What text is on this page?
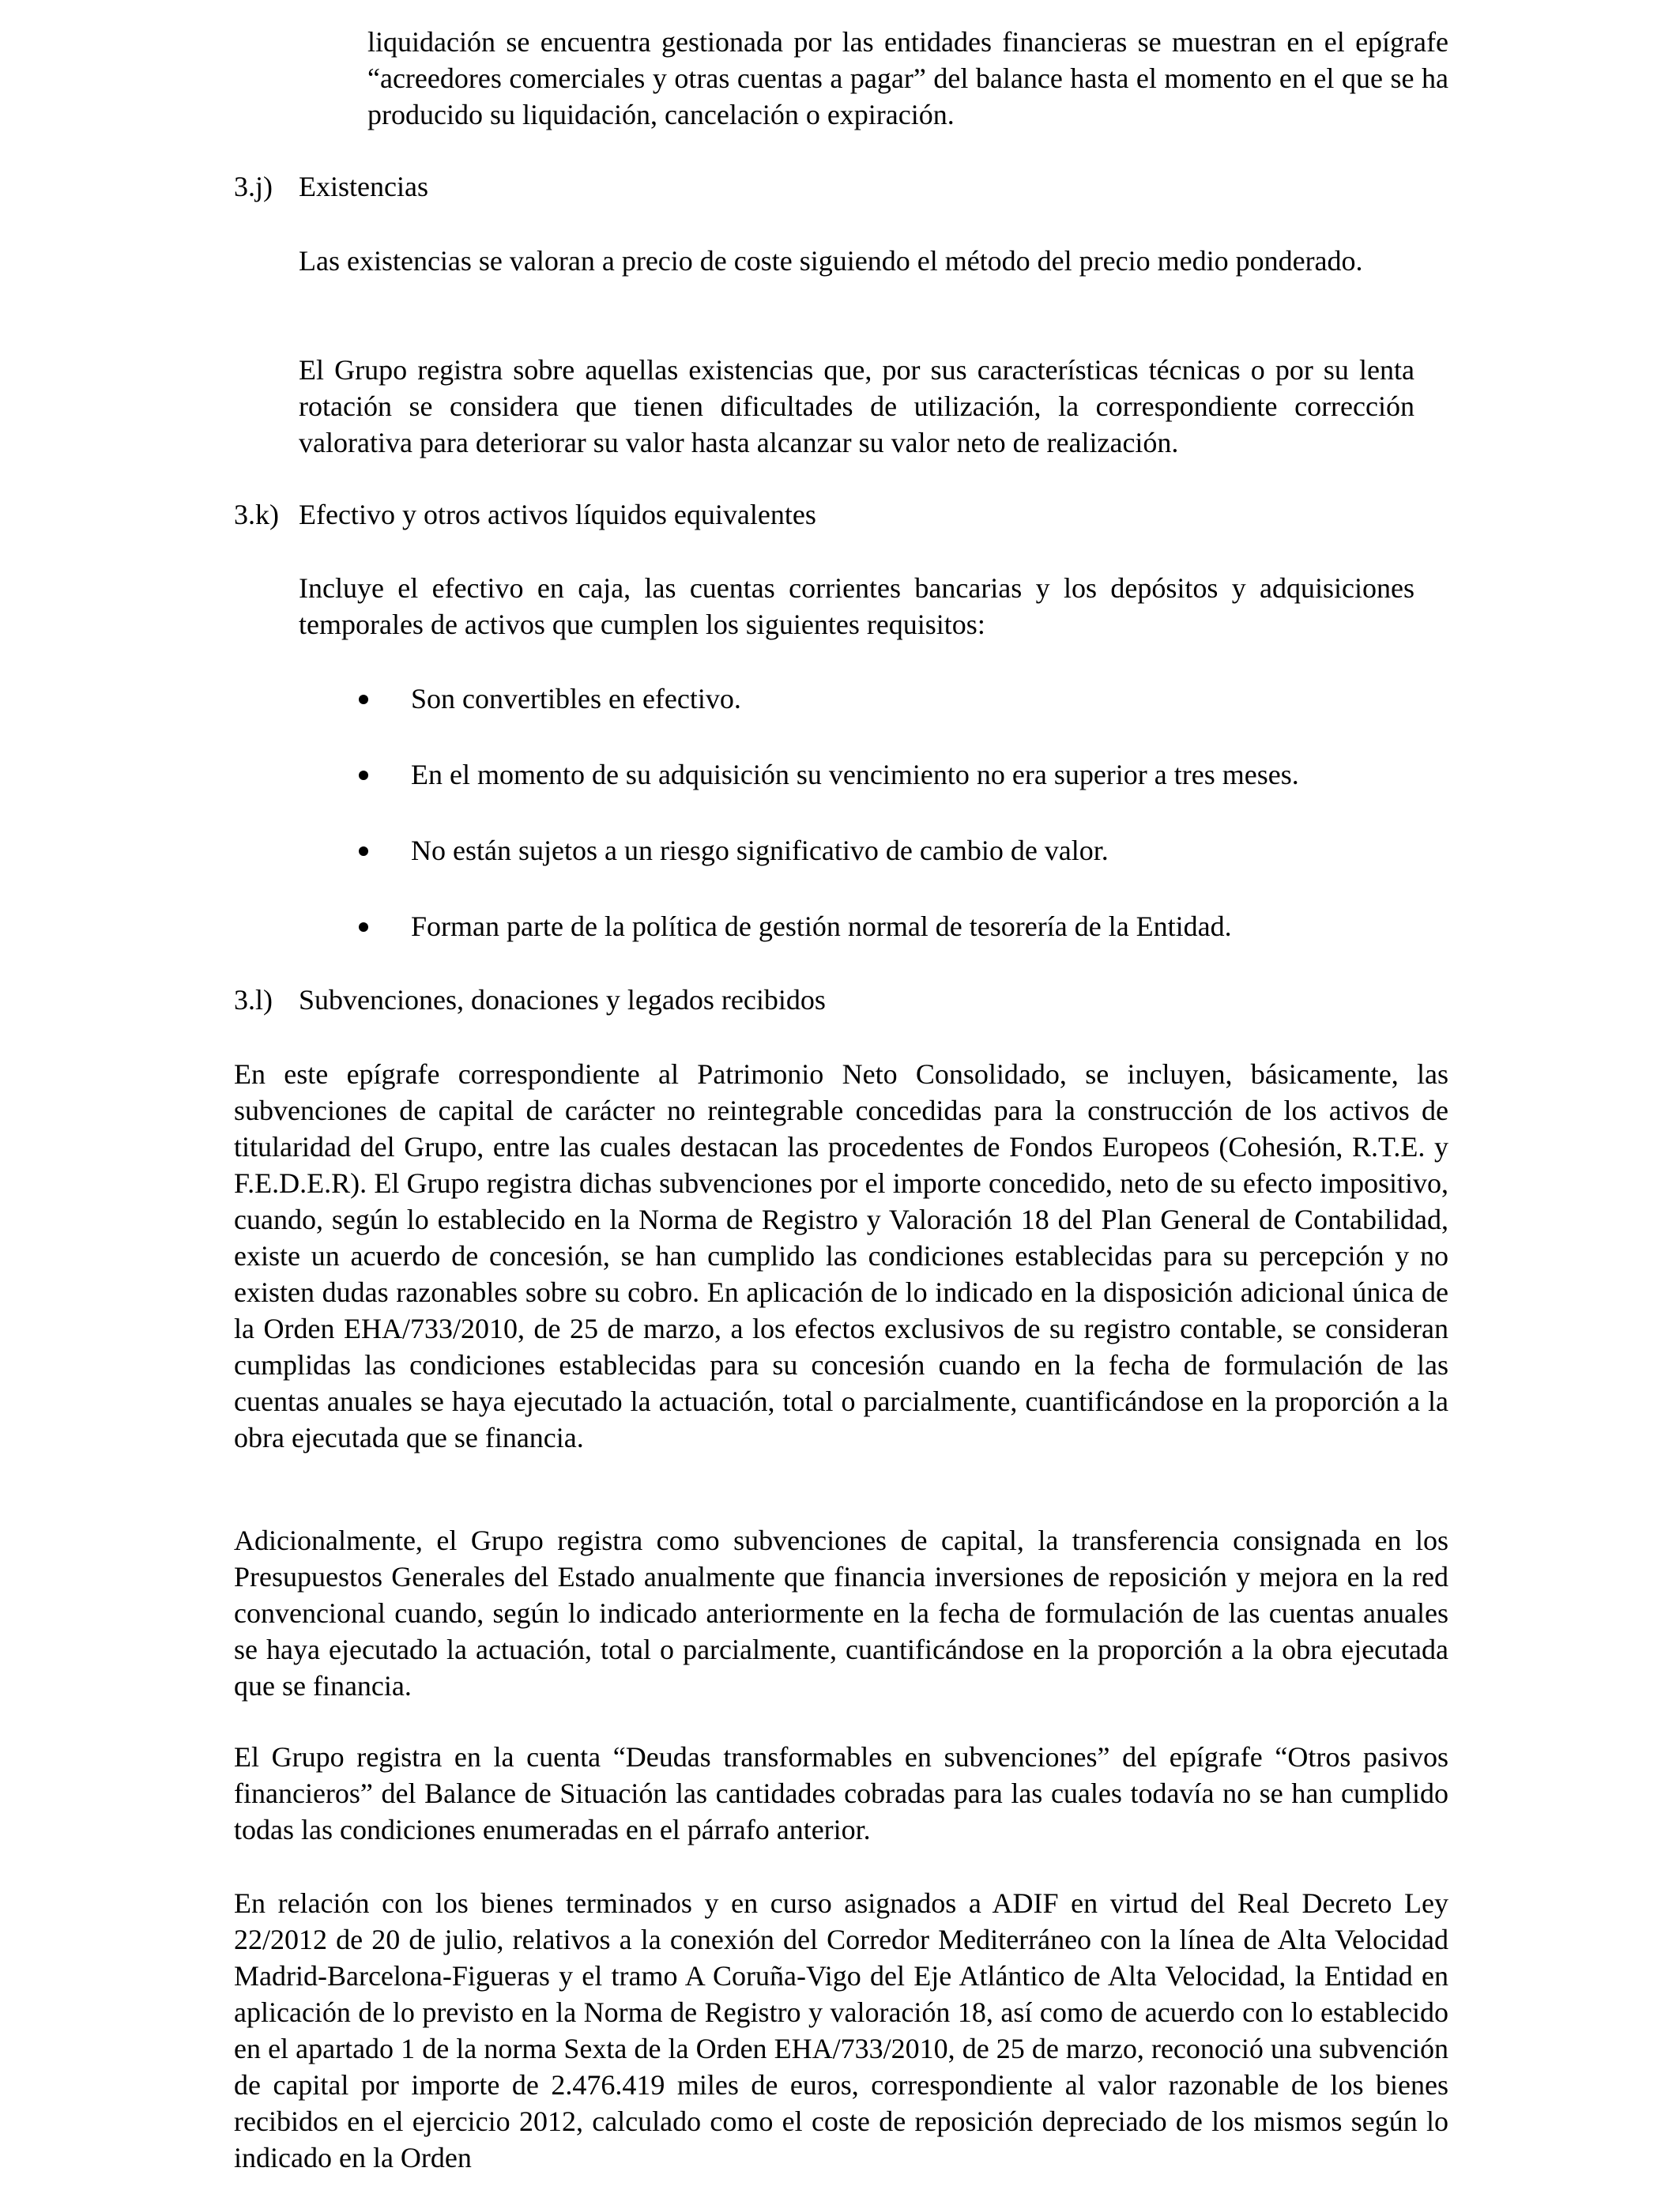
liquidación se encuentra gestionada por las entidades financieras se muestran en el epígrafe “acreedores comerciales y otras cuentas a pagar” del balance hasta el momento en el que se ha producido su liquidación, cancelación o expiración.

3.j) Existencias

Las existencias se valoran a precio de coste siguiendo el método del precio medio ponderado.

El Grupo registra sobre aquellas existencias que, por sus características técnicas o por su lenta rotación se considera que tienen dificultades de utilización, la correspondiente corrección valorativa para deteriorar su valor hasta alcanzar su valor neto de realización.

3.k) Efectivo y otros activos líquidos equivalentes

Incluye el efectivo en caja, las cuentas corrientes bancarias y los depósitos y adquisiciones temporales de activos que cumplen los siguientes requisitos:

Son convertibles en efectivo.

En el momento de su adquisición su vencimiento no era superior a tres meses.

No están sujetos a un riesgo significativo de cambio de valor.

Forman parte de la política de gestión normal de tesorería de la Entidad.

3.l) Subvenciones, donaciones y legados recibidos

En este epígrafe correspondiente al Patrimonio Neto Consolidado, se incluyen, básicamente, las subvenciones de capital de carácter no reintegrable concedidas para la construcción de los activos de titularidad del Grupo, entre las cuales destacan las procedentes de Fondos Europeos (Cohesión, R.T.E. y F.E.D.E.R). El Grupo registra dichas subvenciones por el importe concedido, neto de su efecto impositivo, cuando, según lo establecido en la Norma de Registro y Valoración 18 del Plan General de Contabilidad, existe un acuerdo de concesión, se han cumplido las condiciones establecidas para su percepción y no existen dudas razonables sobre su cobro. En aplicación de lo indicado en la disposición adicional única de la Orden EHA/733/2010, de 25 de marzo, a los efectos exclusivos de su registro contable, se consideran cumplidas las condiciones establecidas para su concesión cuando en la fecha de formulación de las cuentas anuales se haya ejecutado la actuación, total o parcialmente, cuantificándose en la proporción a la obra ejecutada que se financia.

Adicionalmente, el Grupo registra como subvenciones de capital, la transferencia consignada en los Presupuestos Generales del Estado anualmente que financia inversiones de reposición y mejora en la red convencional cuando, según lo indicado anteriormente en la fecha de formulación de las cuentas anuales se haya ejecutado la actuación, total o parcialmente, cuantificándose en la proporción a la obra ejecutada que se financia.

El Grupo registra en la cuenta “Deudas transformables en subvenciones” del epígrafe “Otros pasivos financieros” del Balance de Situación las cantidades cobradas para las cuales todavía no se han cumplido todas las condiciones enumeradas en el párrafo anterior.

En relación con los bienes terminados y en curso asignados a ADIF en virtud del Real Decreto Ley 22/2012 de 20 de julio, relativos a la conexión del Corredor Mediterráneo con la línea de Alta Velocidad Madrid-Barcelona-Figueras y el tramo A Coruña-Vigo del Eje Atlántico de Alta Velocidad, la Entidad en aplicación de lo previsto en la Norma de Registro y valoración 18, así como de acuerdo con lo establecido en el apartado 1 de la norma Sexta de la Orden EHA/733/2010, de 25 de marzo, reconoció una subvención de capital por importe de 2.476.419 miles de euros, correspondiente al valor razonable de los bienes recibidos en el ejercicio 2012, calculado como el coste de reposición depreciado de los mismos según lo indicado en la Orden
